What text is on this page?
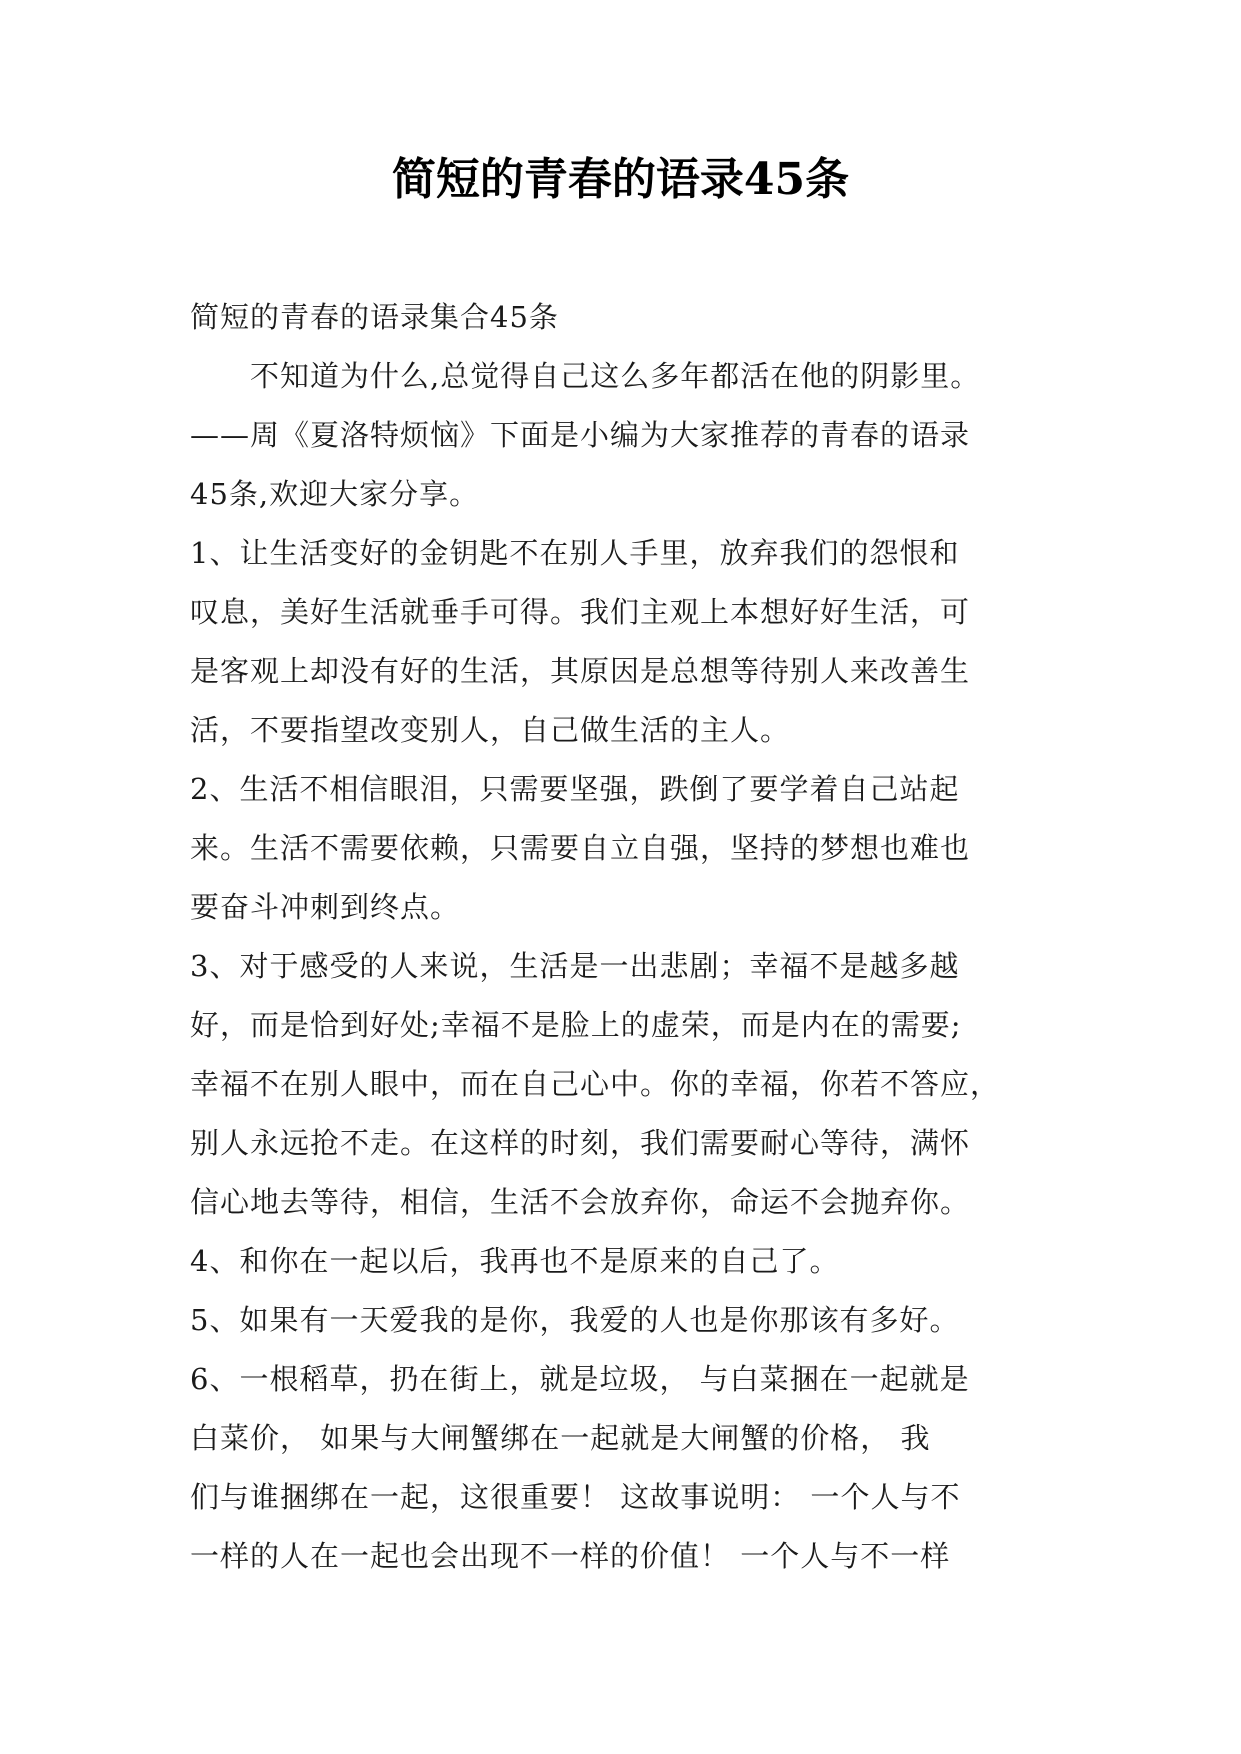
简短的青春的语录45条

简短的青春的语录集合45条

　　不知道为什么,总觉得自己这么多年都活在他的阴影里。

——周《夏洛特烦恼》下面是小编为大家推荐的青春的语录

45条,欢迎大家分享。

1、让生活变好的金钥匙不在别人手里，放弃我们的怨恨和

叹息，美好生活就垂手可得。我们主观上本想好好生活，可

是客观上却没有好的生活，其原因是总想等待别人来改善生

活，不要指望改变别人，自己做生活的主人。

2、生活不相信眼泪，只需要坚强，跌倒了要学着自己站起

来。生活不需要依赖，只需要自立自强，坚持的梦想也难也

要奋斗冲刺到终点。

3、对于感受的人来说，生活是一出悲剧；幸福不是越多越

好，而是恰到好处;幸福不是脸上的虚荣，而是内在的需要;

幸福不在别人眼中，而在自己心中。你的幸福，你若不答应，

别人永远抢不走。在这样的时刻，我们需要耐心等待，满怀

信心地去等待，相信，生活不会放弃你，命运不会抛弃你。

4、和你在一起以后，我再也不是原来的自己了。

5、如果有一天爱我的是你，我爱的人也是你那该有多好。

6、一根稻草，扔在街上，就是垃圾， 与白菜捆在一起就是

白菜价， 如果与大闸蟹绑在一起就是大闸蟹的价格， 我

们与谁捆绑在一起，这很重要！ 这故事说明： 一个人与不

一样的人在一起也会出现不一样的价值！ 一个人与不一样
